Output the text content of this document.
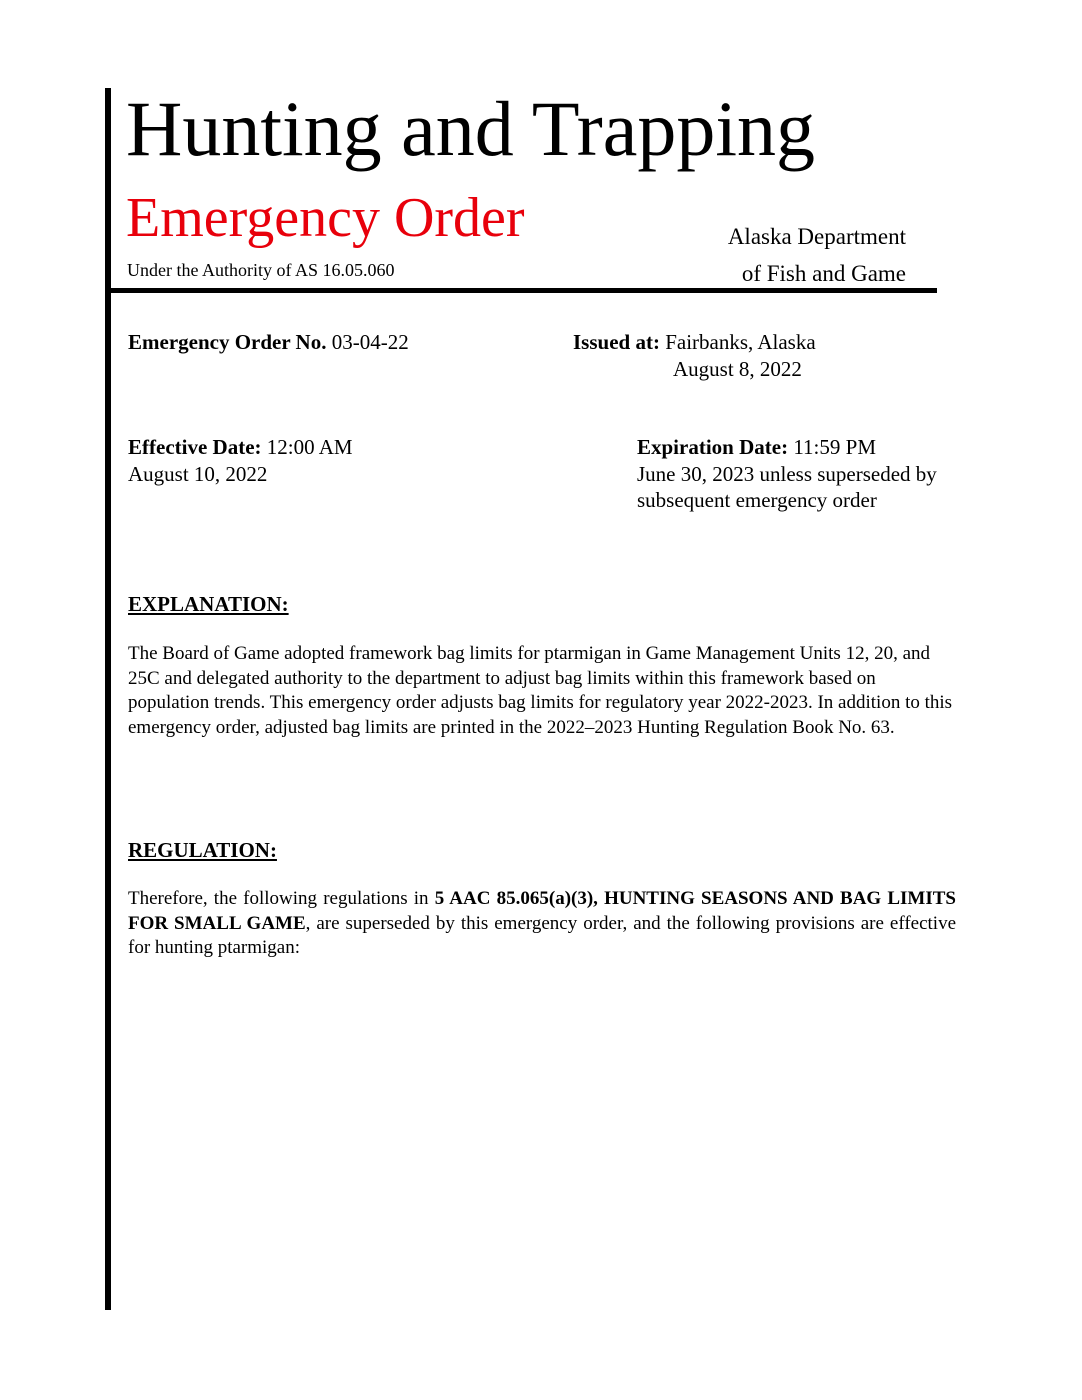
Hunting and Trapping
Emergency Order
Under the Authority of AS 16.05.060
Alaska Department
of Fish and Game
Emergency Order No. 03-04-22	Issued at: Fairbanks, Alaska
August 8, 2022
Effective Date: 12:00 AM
August 10, 2022
Expiration Date: 11:59 PM
June 30, 2023 unless superseded by subsequent emergency order
EXPLANATION:
The Board of Game adopted framework bag limits for ptarmigan in Game Management Units 12, 20, and 25C and delegated authority to the department to adjust bag limits within this framework based on population trends. This emergency order adjusts bag limits for regulatory year 2022-2023. In addition to this emergency order, adjusted bag limits are printed in the 2022–2023 Hunting Regulation Book No. 63.
REGULATION:
Therefore, the following regulations in 5 AAC 85.065(a)(3), HUNTING SEASONS AND BAG LIMITS FOR SMALL GAME, are superseded by this emergency order, and the following provisions are effective for hunting ptarmigan:
